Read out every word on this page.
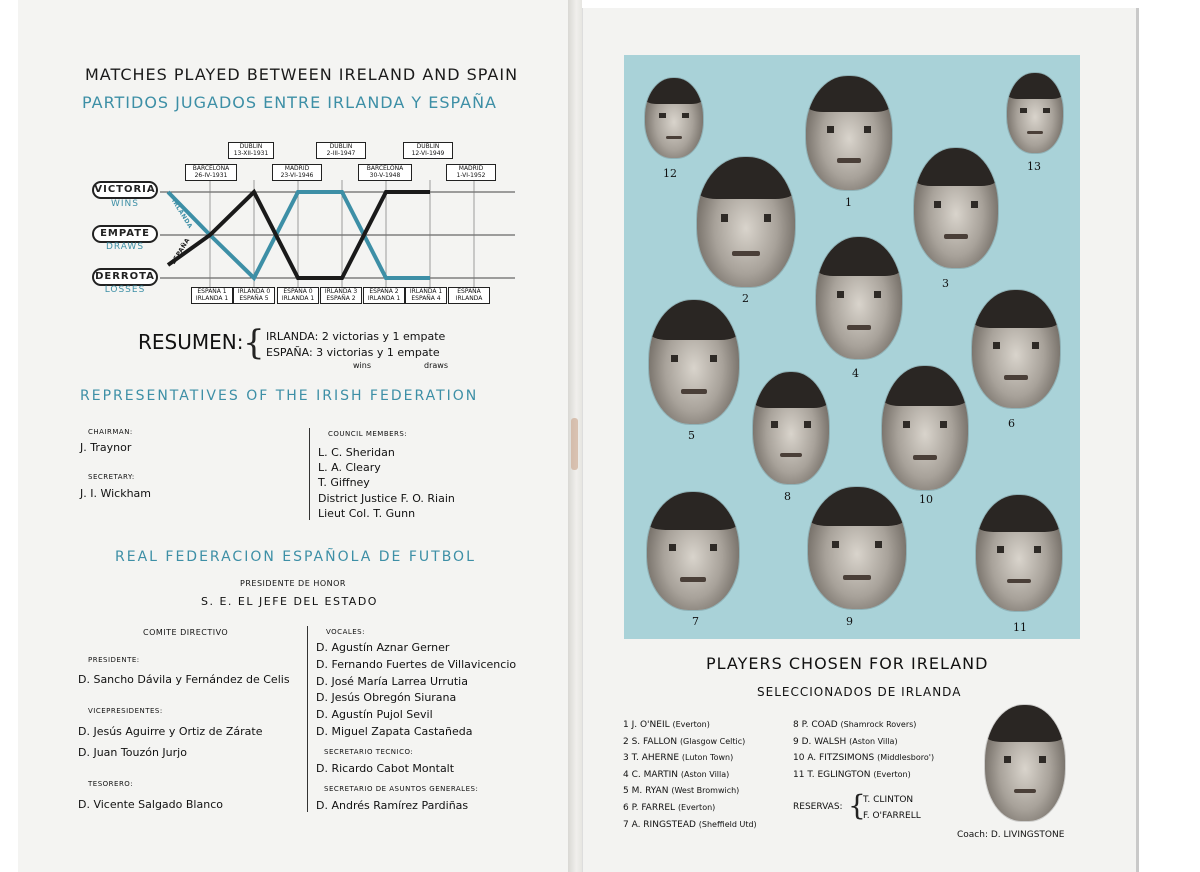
MATCHES PLAYED BETWEEN IRELAND AND SPAIN
PARTIDOS JUGADOS ENTRE IRLANDA Y ESPAÑA
DUBLIN
13-XII-1931
DUBLIN
2-III-1947
DUBLIN
12-VI-1949
BARCELONA
26-IV-1931
MADRID
23-VI-1946
BARCELONA
30-V-1948
MADRID
1-VI-1952
VICTORIA
WINS
EMPATE
DRAWS
DERROTA
LOSSES
IRLANDA
ESPAÑA
ESPAÑA 1
IRLANDA 1
IRLANDA 0
ESPAÑA 5
ESPAÑA 0
IRLANDA 1
IRLANDA 3
ESPAÑA 2
ESPAÑA 2
IRLANDA 1
IRLANDA 1
ESPAÑA 4
ESPAÑA
IRLANDA
RESUMEN: { IRLANDA: 2 victorias y 1 empate
ESPAÑA: 3 victorias y 1 empate
wins	draws
REPRESENTATIVES OF THE IRISH FEDERATION
CHAIRMAN:
J. Traynor
SECRETARY:
J. I. Wickham
COUNCIL MEMBERS:
L. C. Sheridan
L. A. Cleary
T. Giffney
District Justice F. O. Riain
Lieut Col. T. Gunn
REAL FEDERACION ESPAÑOLA DE FUTBOL
PRESIDENTE DE HONOR
S. E. EL JEFE DEL ESTADO
COMITE DIRECTIVO
PRESIDENTE:
D. Sancho Dávila y Fernández de Celis
VICEPRESIDENTES:
D. Jesús Aguirre y Ortiz de Zárate
D. Juan Touzón Jurjo
TESORERO:
D. Vicente Salgado Blanco
VOCALES:
D. Agustín Aznar Gerner
D. Fernando Fuertes de Villavicencio
D. José María Larrea Urrutia
D. Jesús Obregón Siurana
D. Agustín Pujol Sevil
D. Miguel Zapata Castañeda
SECRETARIO TECNICO:
D. Ricardo Cabot Montalt
SECRETARIO DE ASUNTOS GENERALES:
D. Andrés Ramírez Pardiñas
12
1
13
2
3
4
5
6
8	10
7	9	11
PLAYERS CHOSEN FOR IRELAND
SELECCIONADOS DE IRLANDA
1 J. O'NEIL (Everton)
2 S. FALLON (Glasgow Celtic)
3 T. AHERNE (Luton Town)
4 C. MARTIN (Aston Villa)
5 M. RYAN (West Bromwich)
6 P. FARREL (Everton)
7 A. RINGSTEAD (Sheffield Utd)
8 P. COAD (Shamrock Rovers)
9 D. WALSH (Aston Villa)
10 A. FITZSIMONS (Middlesboro')
11 T. EGLINGTON (Everton)
RESERVAS: {
T. CLINTON
F. O'FARRELL
Coach: D. LIVINGSTONE
